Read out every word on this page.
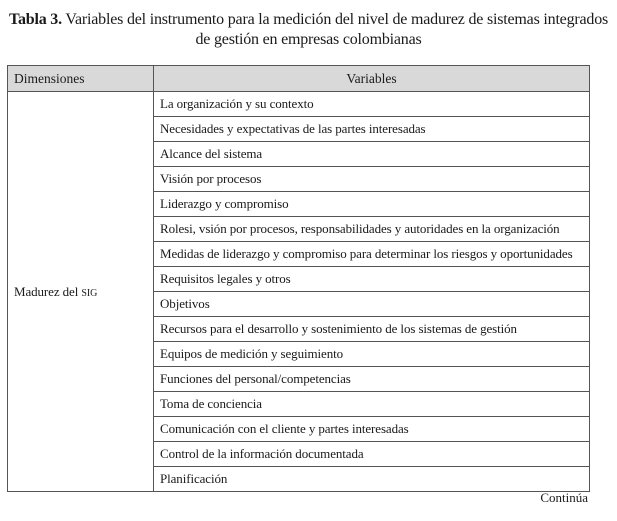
Tabla 3. Variables del instrumento para la medición del nivel de madurez de sistemas integrados
de gestión en empresas colombianas
Dimensiones	Variables
Madurez del SIG	La organización y su contexto
	Necesidades y expectativas de las partes interesadas
	Alcance del sistema
	Visión por procesos
	Liderazgo y compromiso
	Rolesi, vsión por procesos, responsabilidades y autoridades en la organización
	Medidas de liderazgo y compromiso para determinar los riesgos y oportunidades
	Requisitos legales y otros
	Objetivos
	Recursos para el desarrollo y sostenimiento de los sistemas de gestión
	Equipos de medición y seguimiento
	Funciones del personal/competencias
	Toma de conciencia
	Comunicación con el cliente y partes interesadas
	Control de la información documentada
	Planificación
Continúa
